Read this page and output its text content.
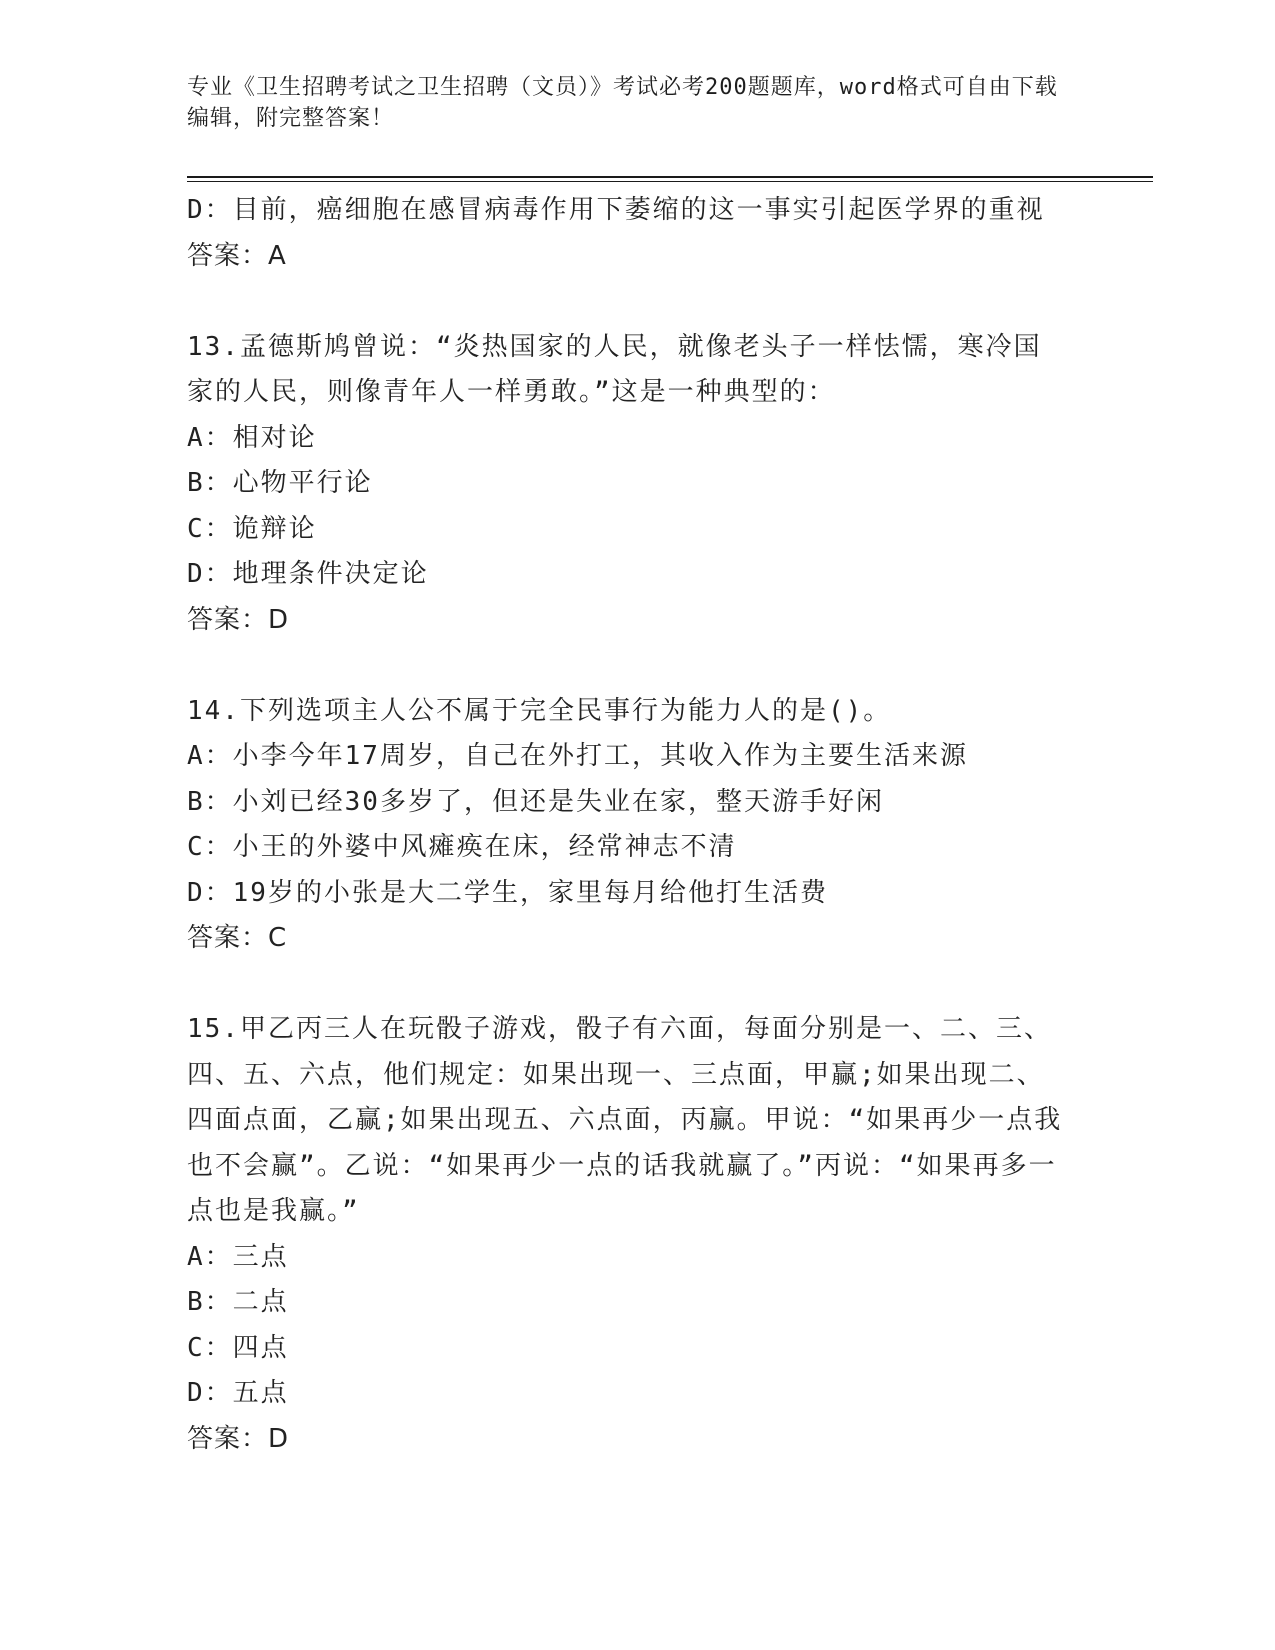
专业《卫生招聘考试之卫生招聘（文员）》考试必考200题题库，word格式可自由下载编辑，附完整答案！
D：目前，癌细胞在感冒病毒作用下萎缩的这一事实引起医学界的重视
答案：A
13.孟德斯鸠曾说：“炎热国家的人民，就像老头子一样怯懦，寒冷国家的人民，则像青年人一样勇敢。”这是一种典型的：
A：相对论
B：心物平行论
C：诡辩论
D：地理条件决定论
答案：D
14.下列选项主人公不属于完全民事行为能力人的是()。
A：小李今年17周岁，自己在外打工，其收入作为主要生活来源
B：小刘已经30多岁了，但还是失业在家，整天游手好闲
C：小王的外婆中风瘫痪在床，经常神志不清
D：19岁的小张是大二学生，家里每月给他打生活费
答案：C
15.甲乙丙三人在玩骰子游戏，骰子有六面，每面分别是一、二、三、四、五、六点，他们规定：如果出现一、三点面，甲赢;如果出现二、四面点面，乙赢;如果出现五、六点面，丙赢。甲说：“如果再少一点我也不会赢”。乙说：“如果再少一点的话我就赢了。”丙说：“如果再多一点也是我赢。”
A：三点
B：二点
C：四点
D：五点
答案：D
